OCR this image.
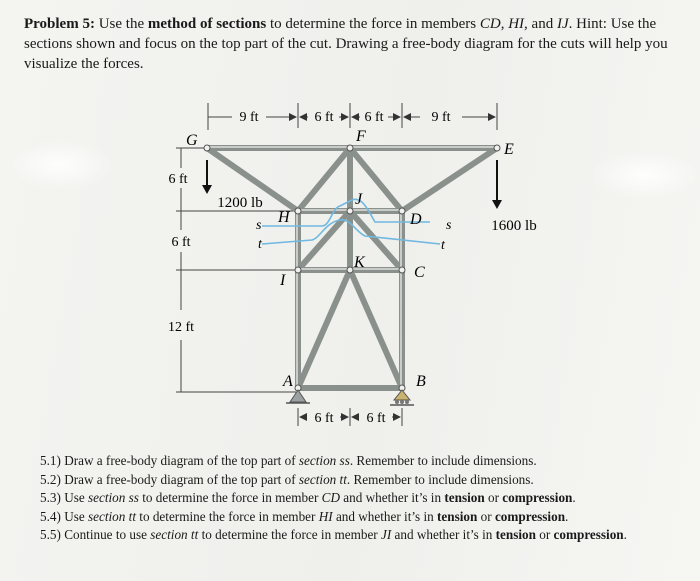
Problem 5: Use the method of sections to determine the force in members CD, HI, and IJ. Hint: Use the sections shown and focus on the top part of the cut. Drawing a free-body diagram for the cuts will help you visualize the forces.
9 ft	6 ft 6 ft	9 ft
6 ft
6 ft
12 ft
1200 lb
1600 lb
G	F
E
H
J
D
K
C
I
A	B
s	s
t	t
6 ft 6 ft
5.1) Draw a free-body diagram of the top part of section ss. Remember to include dimensions.
5.2) Draw a free-body diagram of the top part of section tt. Remember to include dimensions.
5.3) Use section ss to determine the force in member CD and whether it’s in tension or compression.
5.4) Use section tt to determine the force in member HI and whether it’s in tension or compression.
5.5) Continue to use section tt to determine the force in member JI and whether it’s in tension or compression.
